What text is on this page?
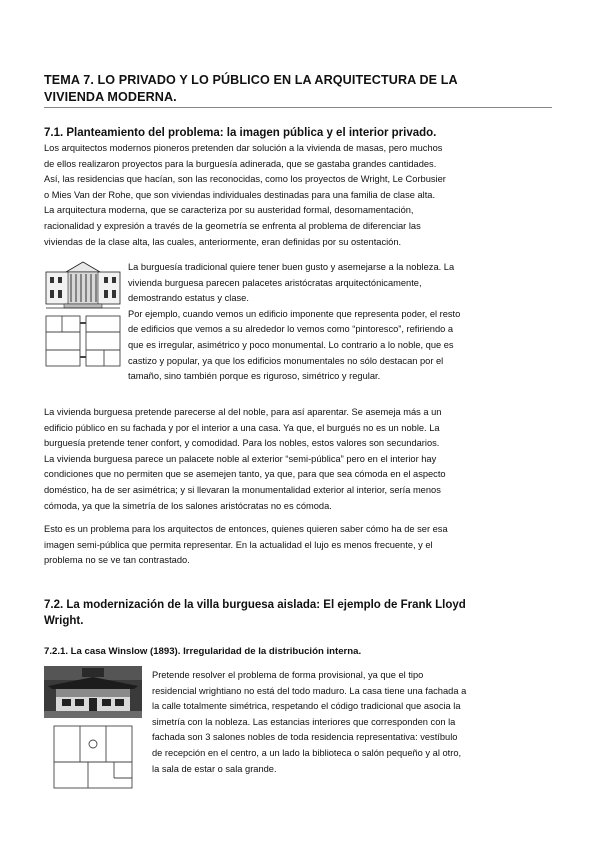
TEMA 7. LO PRIVADO Y LO PÚBLICO EN LA ARQUITECTURA DE LA
VIVIENDA MODERNA.
7.1. Planteamiento del problema: la imagen pública y el interior privado.

Los arquitectos modernos pioneros pretenden dar solución a la vivienda de masas, pero muchos
de ellos realizaron proyectos para la burguesía adinerada, que se gastaba grandes cantidades.
Así, las residencias que hacían, son las reconocidas, como los proyectos de Wright, Le Corbusier
o Mies Van der Rohe, que son viviendas individuales destinadas para una familia de clase alta.
La arquitectura moderna, que se caracteriza por su austeridad formal, desornamentación,
racionalidad y expresión a través de la geometría se enfrenta al problema de diferenciar las
viviendas de la clase alta, las cuales, anteriormente, eran definidas por su ostentación.

La burguesía tradicional quiere tener buen gusto y asemejarse a la nobleza. La
vivienda burguesa parecen palacetes aristócratas arquitectónicamente,
demostrando estatus y clase.
Por ejemplo, cuando vemos un edificio imponente que representa poder, el resto
de edificios que vemos a su alrededor lo vemos como “pintoresco”, refiriendo a
que es irregular, asimétrico y poco monumental. Lo contrario a lo noble, que es
castizo y popular, ya que los edificios monumentales no sólo destacan por el
tamaño, sino también porque es riguroso, simétrico y regular.

La vivienda burguesa pretende parecerse al del noble, para así aparentar. Se asemeja más a un
edificio público en su fachada y por el interior a una casa. Ya que, el burgués no es un noble. La
burguesía pretende tener confort, y comodidad. Para los nobles, estos valores son secundarios.
La vivienda burguesa parece un palacete noble al exterior “semi-pública” pero en el interior hay
condiciones que no permiten que se asemejen tanto, ya que, para que sea cómoda en el aspecto
doméstico, ha de ser asimétrica; y si llevaran la monumentalidad exterior al interior, sería menos
cómoda, ya que la simetría de los salones aristócratas no es cómoda.

Esto es un problema para los arquitectos de entonces, quienes quieren saber cómo ha de ser esa
imagen semi-pública que permita representar. En la actualidad el lujo es menos frecuente, y el
problema no se ve tan contrastado.

7.2. La modernización de la villa burguesa aislada: El ejemplo de Frank Lloyd
Wright.
7.2.1. La casa Winslow (1893). Irregularidad de la distribución interna.

Pretende resolver el problema de forma provisional, ya que el tipo
residencial wrightiano no está del todo maduro. La casa tiene una fachada a
la calle totalmente simétrica, respetando el código tradicional que asocia la
simetría con la nobleza. Las estancias interiores que corresponden con la
fachada son 3 salones nobles de toda residencia representativa: vestíbulo
de recepción en el centro, a un lado la biblioteca o salón pequeño y al otro,
la sala de estar o sala grande.
